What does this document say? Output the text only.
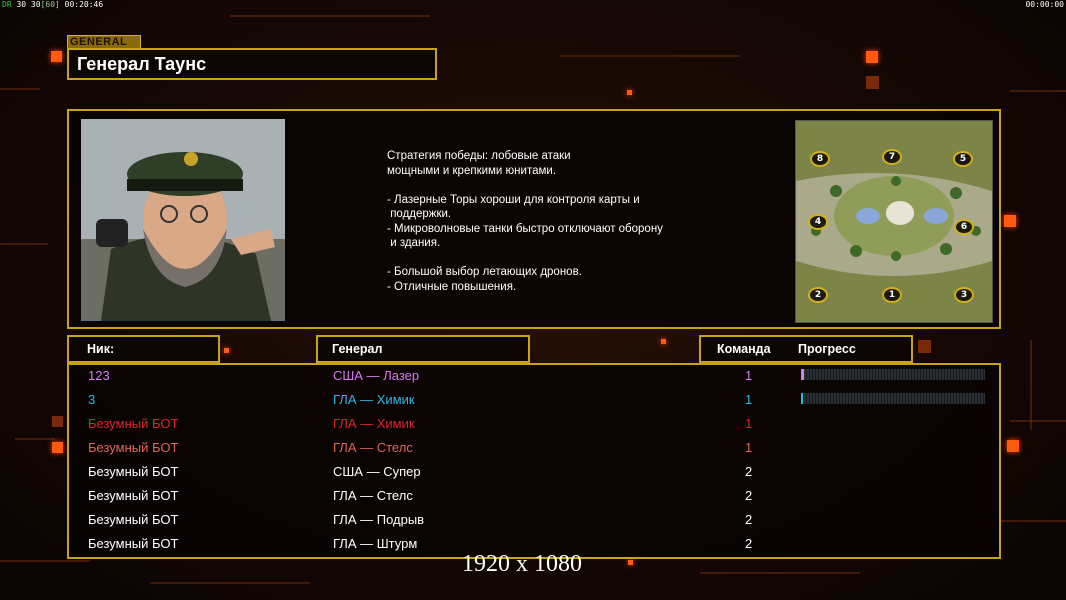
DR 30 30[60] 00:20:46	00:00:00
GENERAL
Генерал Таунс
Стратегия победы: лобовые атаки
мощными и крепкими юнитами.

- Лазерные Торы хороши для контроля карты и
поддержки.
- Микроволновые танки быстро отключают оборону
и здания.

- Большой выбор летающих дронов.
- Отличные повышения.
8	7	5
4	6
2	1	3
Ник:	Генерал	Команда Прогресс
123	США — Лазер	1
3	ГЛА — Химик	1
Безумный БОТ	ГЛА — Химик	1
Безумный БОТ	ГЛА — Стелс	1
Безумный БОТ	США — Супер	2
Безумный БОТ	ГЛА — Стелс	2
Безумный БОТ	ГЛА — Подрыв	2
Безумный БОТ	ГЛА — Штурм	2
1920 x 1080
